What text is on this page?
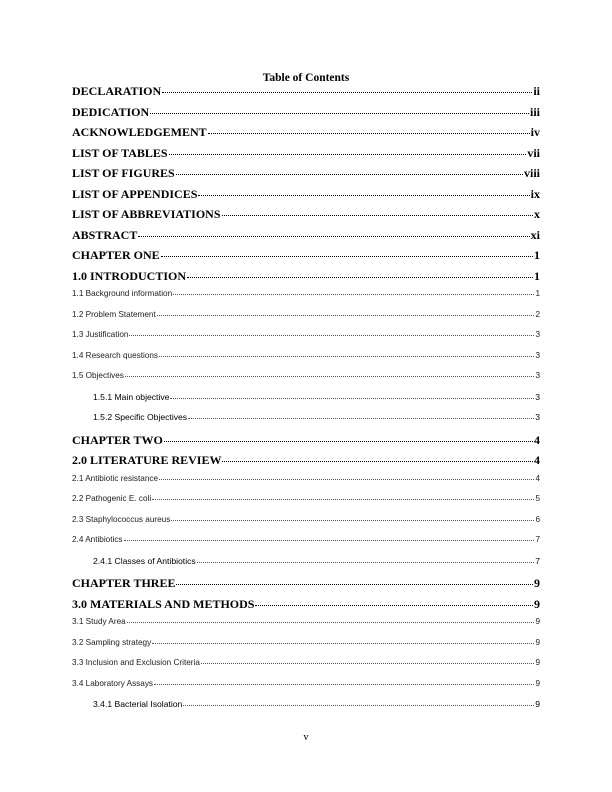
Table of Contents
DECLARATION	ii
DEDICATION	iii
ACKNOWLEDGEMENT	iv
LIST OF TABLES	vii
LIST OF FIGURES	viii
LIST OF APPENDICES	ix
LIST OF ABBREVIATIONS	x
ABSTRACT	xi
CHAPTER ONE	1
1.0 INTRODUCTION	1
1.1 Background information	1
1.2 Problem Statement	2
1.3 Justification	3
1.4 Research questions	3
1.5 Objectives	3
1.5.1 Main objective	3
1.5.2 Specific Objectives	3
CHAPTER TWO	4
2.0 LITERATURE REVIEW	4
2.1 Antibiotic resistance	4
2.2 Pathogenic E. coli	5
2.3 Staphylococcus aureus	6
2.4 Antibiotics	7
2.4.1 Classes of Antibiotics	7
CHAPTER THREE	9
3.0 MATERIALS AND METHODS	9
3.1 Study Area	9
3.2 Sampling strategy	9
3.3 Inclusion and Exclusion Criteria	9
3.4 Laboratory Assays	9
3.4.1 Bacterial Isolation	9
v
